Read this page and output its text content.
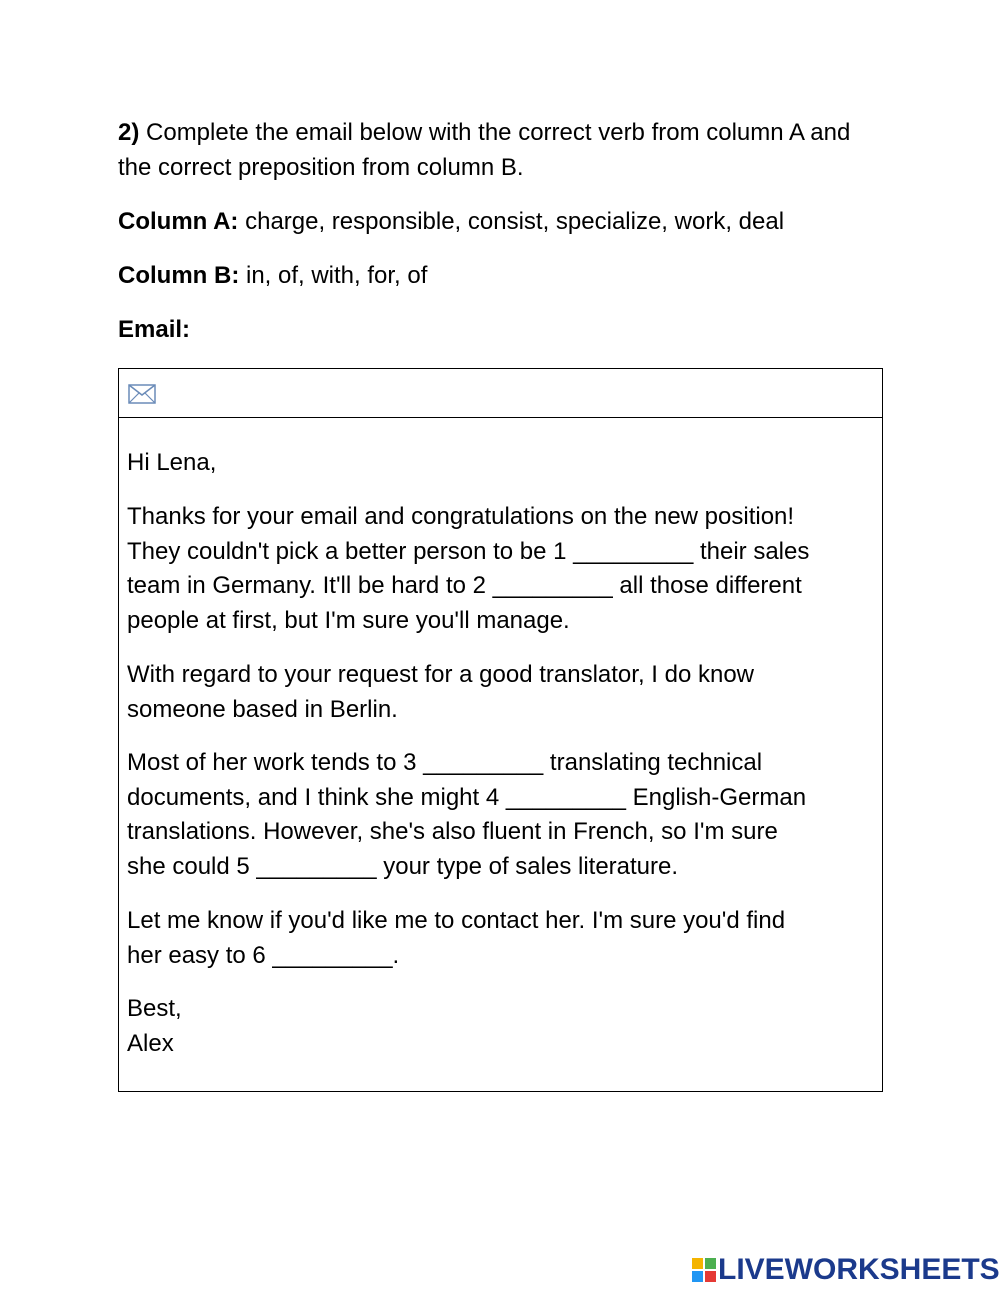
2) Complete the email below with the correct verb from column A and the correct preposition from column B.

Column A: charge, responsible, consist, specialize, work, deal

Column B: in, of, with, for, of

Email:

Hi Lena,

Thanks for your email and congratulations on the new position!

They couldn't pick a better person to be 1 _________ their sales

team in Germany. It'll be hard to 2 _________ all those different

people at first, but I'm sure you'll manage.

With regard to your request for a good translator, I do know

someone based in Berlin.

Most of her work tends to 3 _________ translating technical

documents, and I think she might 4 _________ English-German

translations. However, she's also fluent in French, so I'm sure

she could 5 _________ your type of sales literature.

Let me know if you'd like me to contact her. I'm sure you'd find

her easy to 6 _________.

Best,

Alex

LIVEWORKSHEETS
